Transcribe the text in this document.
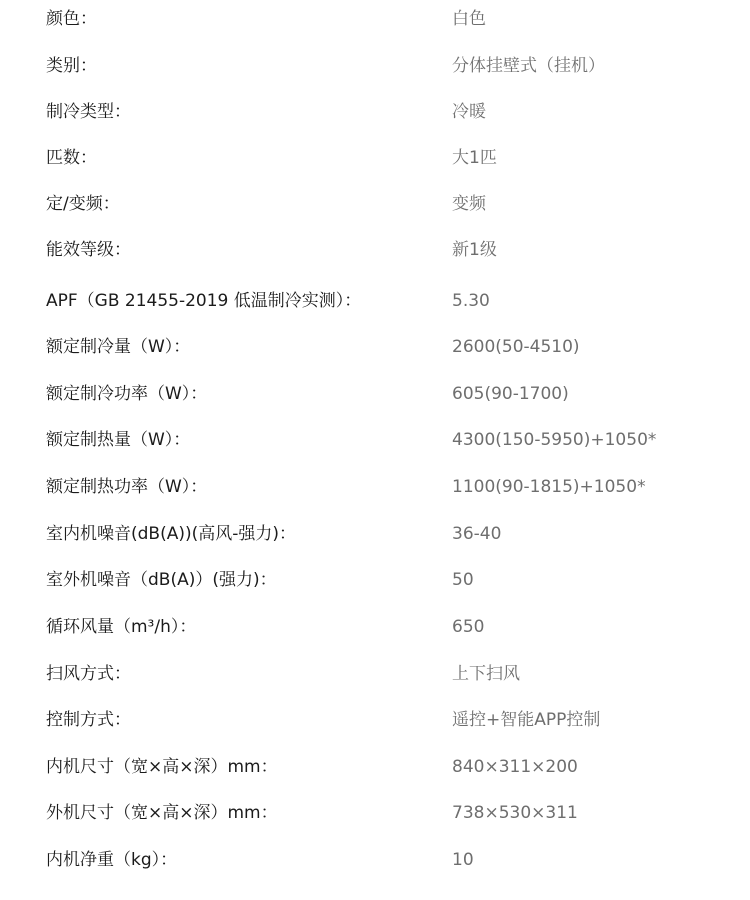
颜色：	白色
类别：	分体挂壁式（挂机）
制冷类型：	冷暖
匹数：	大1匹
定/变频：	变频
能效等级：	新1级
APF（GB 21455-2019 低温制冷实测）：	5.30
额定制冷量（W）：	2600(50-4510)
额定制冷功率（W）：	605(90-1700)
额定制热量（W）：	4300(150-5950)+1050*
额定制热功率（W）：	1100(90-1815)+1050*
室内机噪音(dB(A))(高风-强力)：	36-40
室外机噪音（dB(A)）(强力)：	50
循环风量（m³/h）：	650
扫风方式：	上下扫风
控制方式：	遥控+智能APP控制
内机尺寸（宽×高×深）mm：	840×311×200
外机尺寸（宽×高×深）mm：	738×530×311
内机净重（kg）：	10
